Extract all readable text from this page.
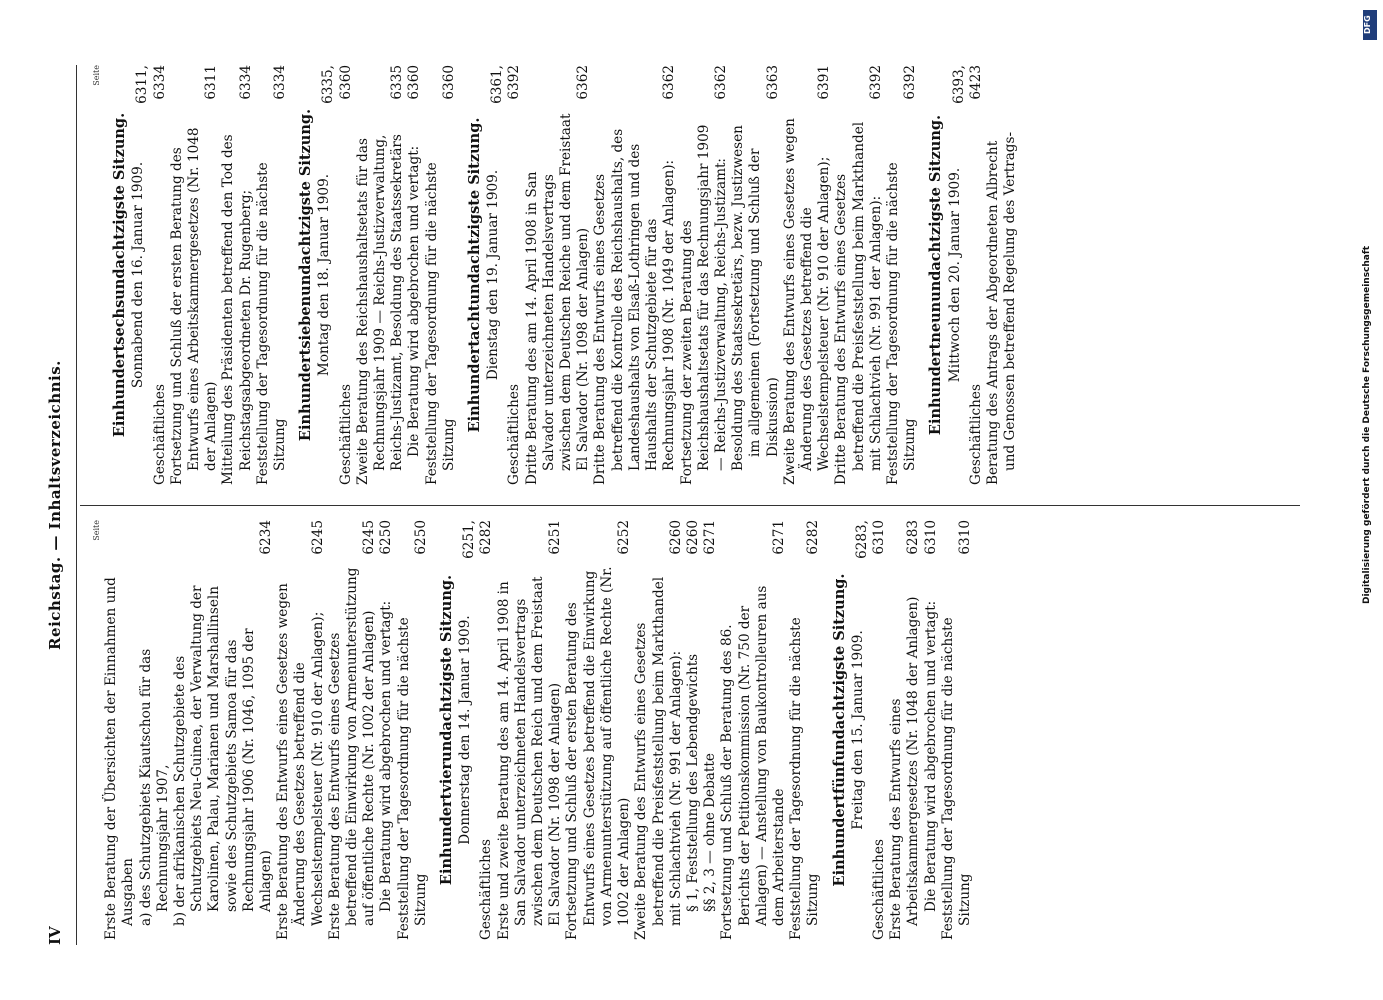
IV
Reichstag. — Inhaltsverzeichnis.	Seite
Erste Beratung der Übersichten der Einnahmen und Ausgaben a) des Schutzgebiets Kiautschou für das Rechnungsjahr 1907, b) der afrikanischen Schutzgebiete des Schutzgebiets Neu-Guinea, der Verwaltung der Karolinen, Palau, Marianen und Marshallinseln sowie des Schutzgebiets Samoa für das Rechnungsjahr 1906 (Nr. 1046, 1095 der Anlagen)
6234
Erste Beratung des Entwurfs eines Gesetzes wegen Änderung des Gesetzes betreffend die Wechselstempelsteuer (Nr. 910 der Anlagen);
6245
Erste Beratung des Entwurfs eines Gesetzes betreffend die Einwirkung von Armenunterstützung auf öffentliche Rechte (Nr. 1002 der Anlagen)
6245
Die Beratung wird abgebrochen und vertagt:
6250
Feststellung der Tagesordnung für die nächste Sitzung
6250
Einhundertvierundachtzigste Sitzung. Donnerstag den 14. Januar 1909.
Geschäftliches
6251, 6282
Erste und zweite Beratung des am 14. April 1908 in San Salvador unterzeichneten Handelsvertrags zwischen dem Deutschen Reich und dem Freistaat El Salvador (Nr. 1098 der Anlagen)
6251
Fortsetzung und Schluß der ersten Beratung des Entwurfs eines Gesetzes betreffend die Einwirkung von Armenunterstützung auf öffentliche Rechte (Nr. 1002 der Anlagen)
6252
Zweite Beratung des Entwurfs eines Gesetzes betreffend die Preisfeststellung beim Markthandel mit Schlachtvieh (Nr. 991 der Anlagen):
6260
§ 1, Feststellung des Lebendgewichts
6260
§§ 2, 3 — ohne Debatte
6271
Fortsetzung und Schluß der Beratung des 86. Berichts der Petitionskommission (Nr. 750 der Anlagen) — Anstellung von Baukontrolleuren aus dem Arbeiterstande
6271
Feststellung der Tagesordnung für die nächste Sitzung
6282
Einhundertfünfundachtzigste Sitzung. Freitag den 15. Januar 1909.
Geschäftliches
6283, 6310
Erste Beratung des Entwurfs eines Arbeitskammergesetzes (Nr. 1048 der Anlagen)
6283
Die Beratung wird abgebrochen und vertagt:
6310
Feststellung der Tagesordnung für die nächste Sitzung
6310
Seite
Einhundertsechsundachtzigste Sitzung. Sonnabend den 16. Januar 1909.
Geschäftliches
6311, 6334
Fortsetzung und Schluß der ersten Beratung des Entwurfs eines Arbeitskammergesetzes (Nr. 1048 der Anlagen)
6311
Mitteilung des Präsidenten betreffend den Tod des Reichstagsabgeordneten Dr. Rugenberg;
6334
Feststellung der Tagesordnung für die nächste Sitzung
6334
Einhundertsiebenundachtzigste Sitzung. Montag den 18. Januar 1909.
Geschäftliches
6335, 6360
Zweite Beratung des Reichshaushaltsetats für das Rechnungsjahr 1909 — Reichs-Justizverwaltung, Reichs-Justizamt, Besoldung des Staatssekretärs
6335
Die Beratung wird abgebrochen und vertagt:
6360
Feststellung der Tagesordnung für die nächste Sitzung
6360
Einhundertachtundachtzigste Sitzung. Dienstag den 19. Januar 1909.
Geschäftliches
6361, 6392
Dritte Beratung des am 14. April 1908 in San Salvador unterzeichneten Handelsvertrags zwischen dem Deutschen Reiche und dem Freistaat El Salvador (Nr. 1098 der Anlagen)
6362
Dritte Beratung des Entwurfs eines Gesetzes betreffend die Kontrolle des Reichshaushalts, des Landeshaushalts von Elsaß-Lothringen und des Haushalts der Schutzgebiete für das Rechnungsjahr 1908 (Nr. 1049 der Anlagen):
6362
Fortsetzung der zweiten Beratung des Reichshaushaltsetats für das Rechnungsjahr 1909 — Reichs-Justizverwaltung, Reichs-Justizamt:
6362
Besoldung des Staatssekretärs, bezw. Justizwesen im allgemeinen (Fortsetzung und Schluß der Diskussion)
6363
Zweite Beratung des Entwurfs eines Gesetzes wegen Änderung des Gesetzes betreffend die Wechselstempelsteuer (Nr. 910 der Anlagen);
6391
Dritte Beratung des Entwurfs eines Gesetzes betreffend die Preisfeststellung beim Markthandel mit Schlachtvieh (Nr. 991 der Anlagen):
6392
Feststellung der Tagesordnung für die nächste Sitzung
6392
Einhundertneunundachtzigste Sitzung. Mittwoch den 20. Januar 1909.
Geschäftliches
6393, 6423
Beratung des Antrags der Abgeordneten Albrecht und Genossen betreffend Regelung des Vertrags-
DFG
Digitalisierung gefördert durch die Deutsche Forschungsgemeinschaft
